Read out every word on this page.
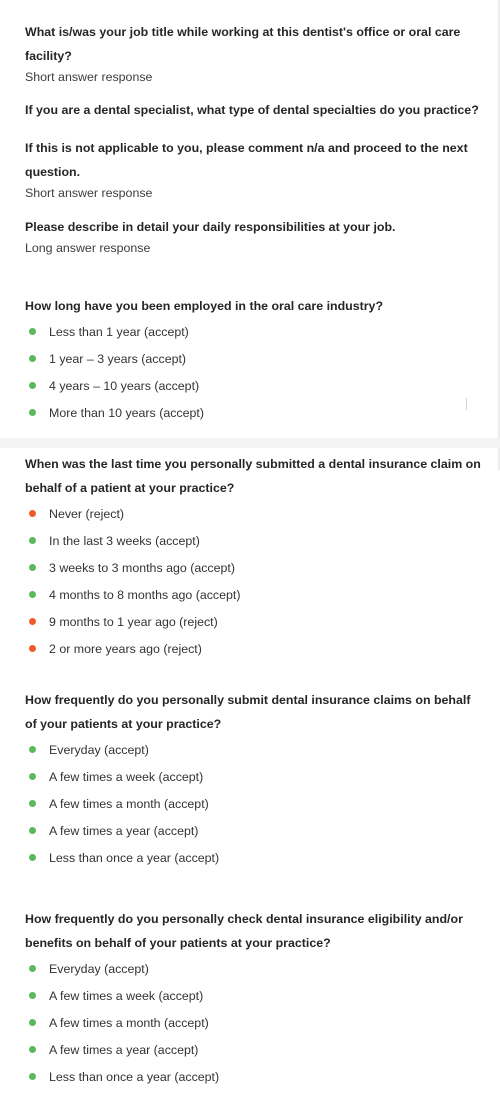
What is/was your job title while working at this dentist's office or oral care facility?

Short answer response

If you are a dental specialist, what type of dental specialties do you practice?

If this is not applicable to you, please comment n/a and proceed to the next question.

Short answer response

Please describe in detail your daily responsibilities at your job.

Long answer response

How long have you been employed in the oral care industry?

Less than 1 year (accept)
1 year – 3 years (accept)
4 years – 10 years (accept)
More than 10 years (accept)

When was the last time you personally submitted a dental insurance claim on behalf of a patient at your practice?

Never (reject)
In the last 3 weeks (accept)
3 weeks to 3 months ago (accept)
4 months to 8 months ago (accept)
9 months to 1 year ago (reject)
2 or more years ago (reject)

How frequently do you personally submit dental insurance claims on behalf of your patients at your practice?

Everyday (accept)
A few times a week (accept)
A few times a month (accept)
A few times a year (accept)
Less than once a year (accept)

How frequently do you personally check dental insurance eligibility and/or benefits on behalf of your patients at your practice?

Everyday (accept)
A few times a week (accept)
A few times a month (accept)
A few times a year (accept)
Less than once a year (accept)
